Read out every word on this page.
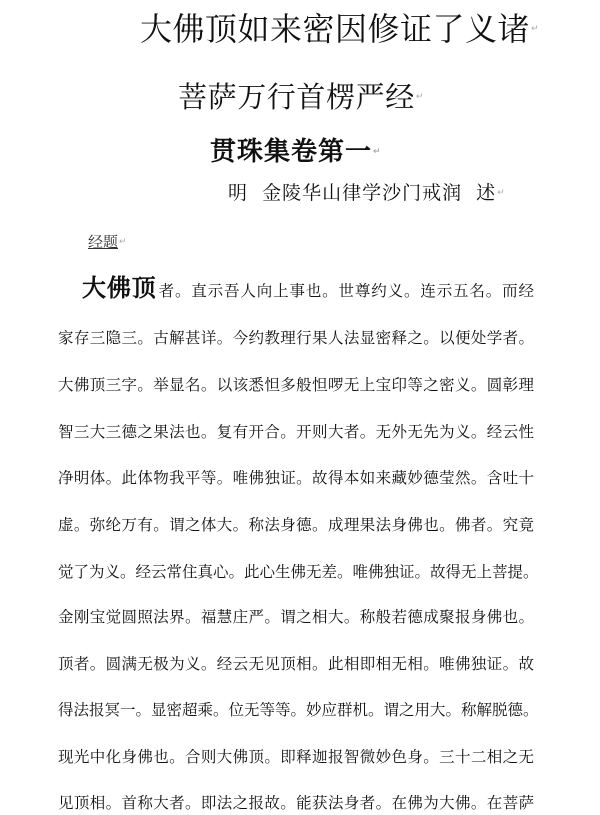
大佛顶如来密因修证了义诸↵
菩萨万行首楞严经↵
贯珠集卷第一↵
明  金陵华山律学沙门戒润  述↵
经题↵
大佛顶 者。直示吾人向上事也。世尊约义。连示五名。而经
家存三隐三。古解甚详。今约教理行果人法显密释之。以便处学者。
大佛顶三字。举显名。以该悉怛多般怛啰无上宝印等之密义。圆彰理
智三大三德之果法也。复有开合。开则大者。无外无先为义。经云性
净明体。此体物我平等。唯佛独证。故得本如来藏妙德莹然。含吐十
虚。弥纶万有。谓之体大。称法身德。成理果法身佛也。佛者。究竟
觉了为义。经云常住真心。此心生佛无差。唯佛独证。故得无上菩提。
金刚宝觉圆照法界。福慧庄严。谓之相大。称般若德成聚报身佛也。
顶者。圆满无极为义。经云无见顶相。此相即相无相。唯佛独证。故
得法报冥一。显密超乘。位无等等。妙应群机。谓之用大。称解脱德。
现光中化身佛也。合则大佛顶。即释迦报智微妙色身。三十二相之无
见顶相。首称大者。即法之报故。能获法身者。在佛为大佛。在菩萨
